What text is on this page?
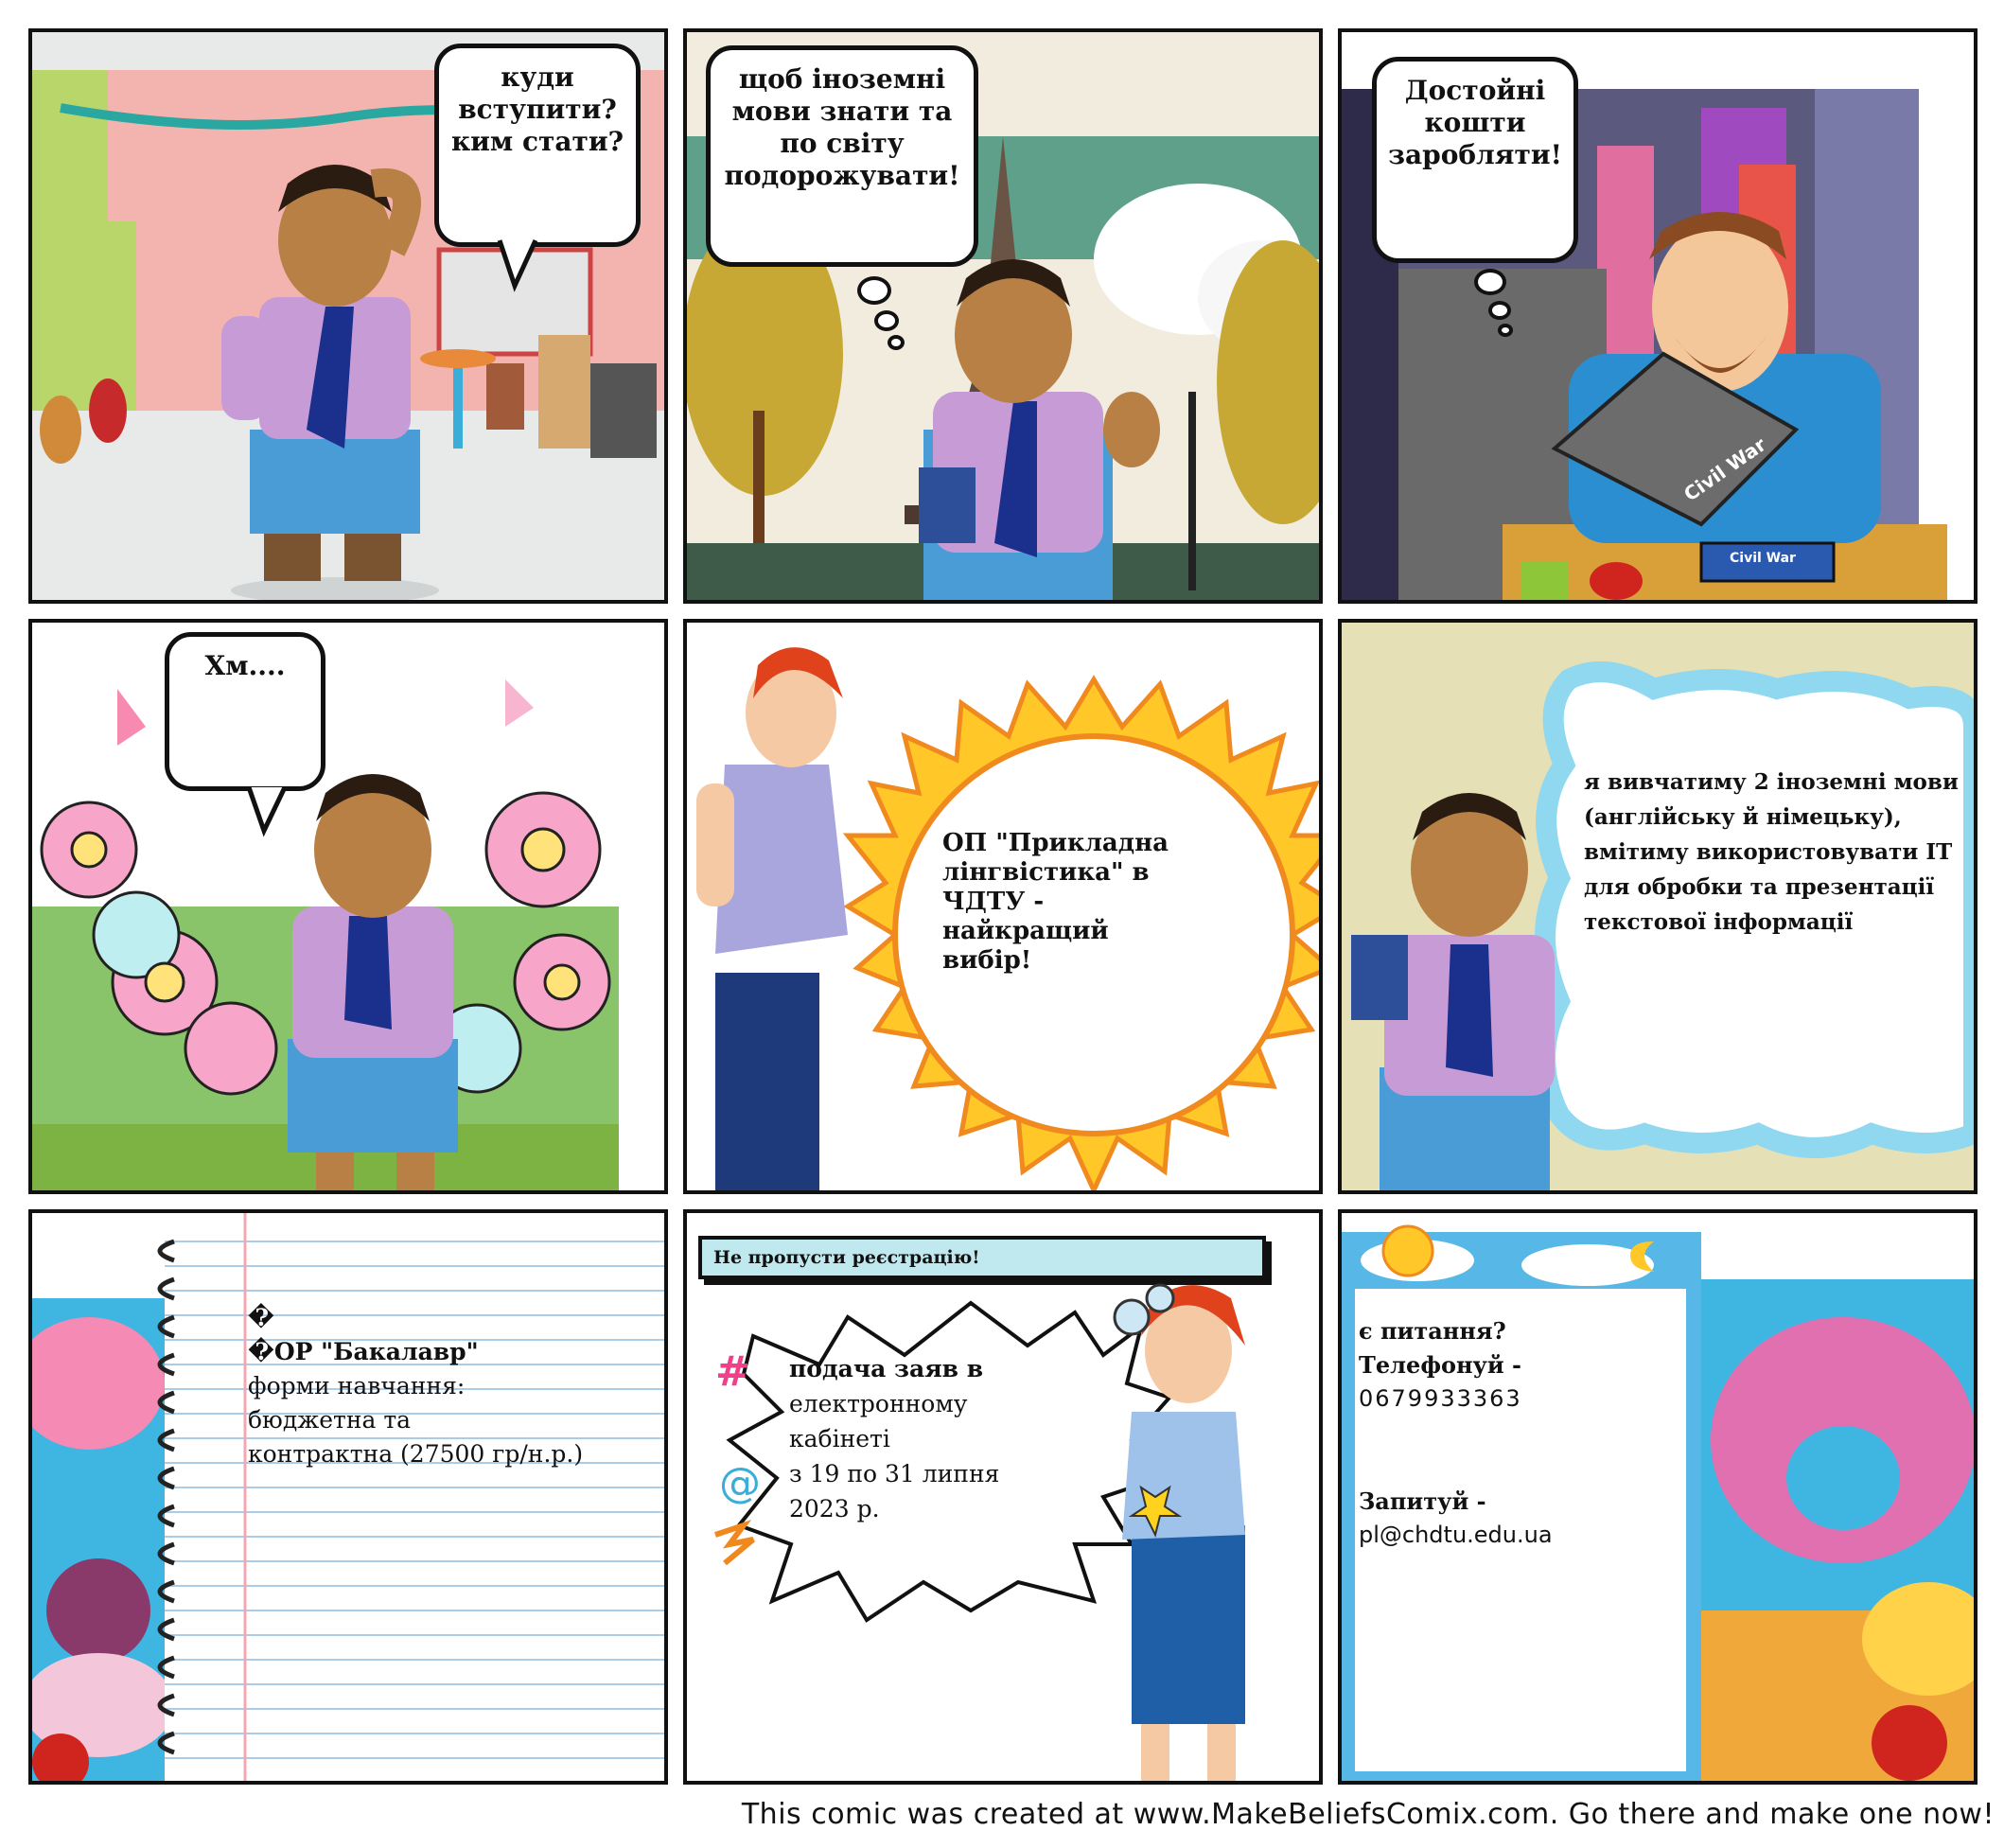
куди вступити? ким стати?
щоб іноземні мови знати та по світу подорожувати!
Civil War
Civil War
Достойні кошти заробляти!
Хм....
ОП "Прикладна лінгвістика" в ЧДТУ - найкращий вибір!
я вивчатиму 2 іноземні мови (англійську й німецьку), вмітиму використовувати ІТ для обробки та презентації текстової інформації
�
�ОР "Бакалавр"
форми навчання:
бюджетна та
контрактна (27500 гр/н.р.)
Не пропусти реєстрацію!
#
@
подача заяв в
електронному
кабінеті
з 19 по 31 липня
2023 р.
є питання?
Телефонуй -
0679933363
Запитуй -
pl@chdtu.edu.ua
This comic was created at www.MakeBeliefsComix.com. Go there and make one now!
